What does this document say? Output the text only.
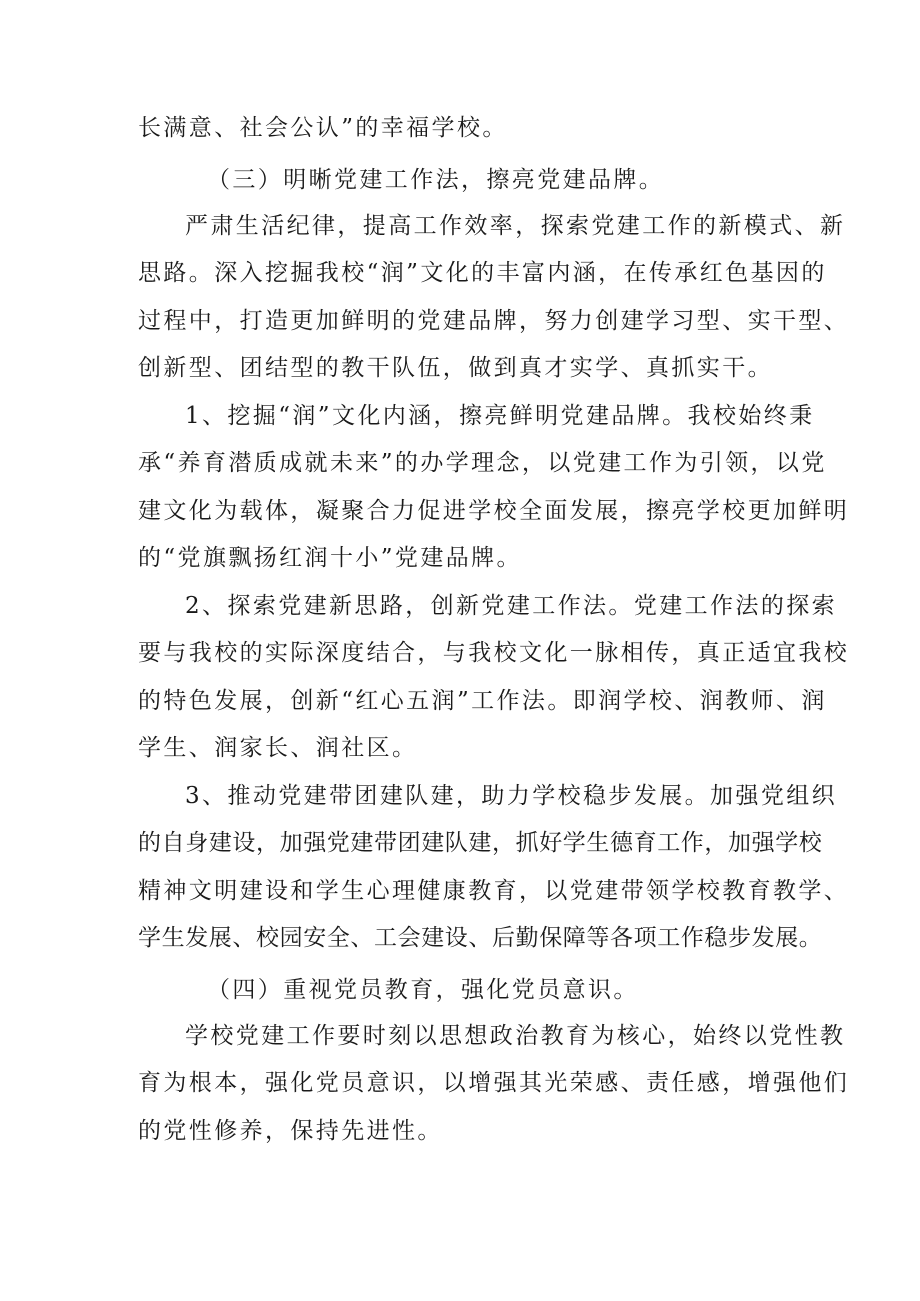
长满意、社会公认”的幸福学校。
（三）明晰党建工作法，擦亮党建品牌。
严肃生活纪律，提高工作效率，探索党建工作的新模式、新
思路。深入挖掘我校“润”文化的丰富内涵，在传承红色基因的
过程中，打造更加鲜明的党建品牌，努力创建学习型、实干型、
创新型、团结型的教干队伍，做到真才实学、真抓实干。
1、挖掘“润”文化内涵，擦亮鲜明党建品牌。我校始终秉
承“养育潜质成就未来”的办学理念，以党建工作为引领，以党
建文化为载体，凝聚合力促进学校全面发展，擦亮学校更加鲜明
的“党旗飘扬红润十小”党建品牌。
2、探索党建新思路，创新党建工作法。党建工作法的探索
要与我校的实际深度结合，与我校文化一脉相传，真正适宜我校
的特色发展，创新“红心五润”工作法。即润学校、润教师、润
学生、润家长、润社区。
3、推动党建带团建队建，助力学校稳步发展。加强党组织
的自身建设，加强党建带团建队建，抓好学生德育工作，加强学校
精神文明建设和学生心理健康教育，以党建带领学校教育教学、
学生发展、校园安全、工会建设、后勤保障等各项工作稳步发展。
（四）重视党员教育，强化党员意识。
学校党建工作要时刻以思想政治教育为核心，始终以党性教
育为根本，强化党员意识，以增强其光荣感、责任感，增强他们
的党性修养，保持先进性。
